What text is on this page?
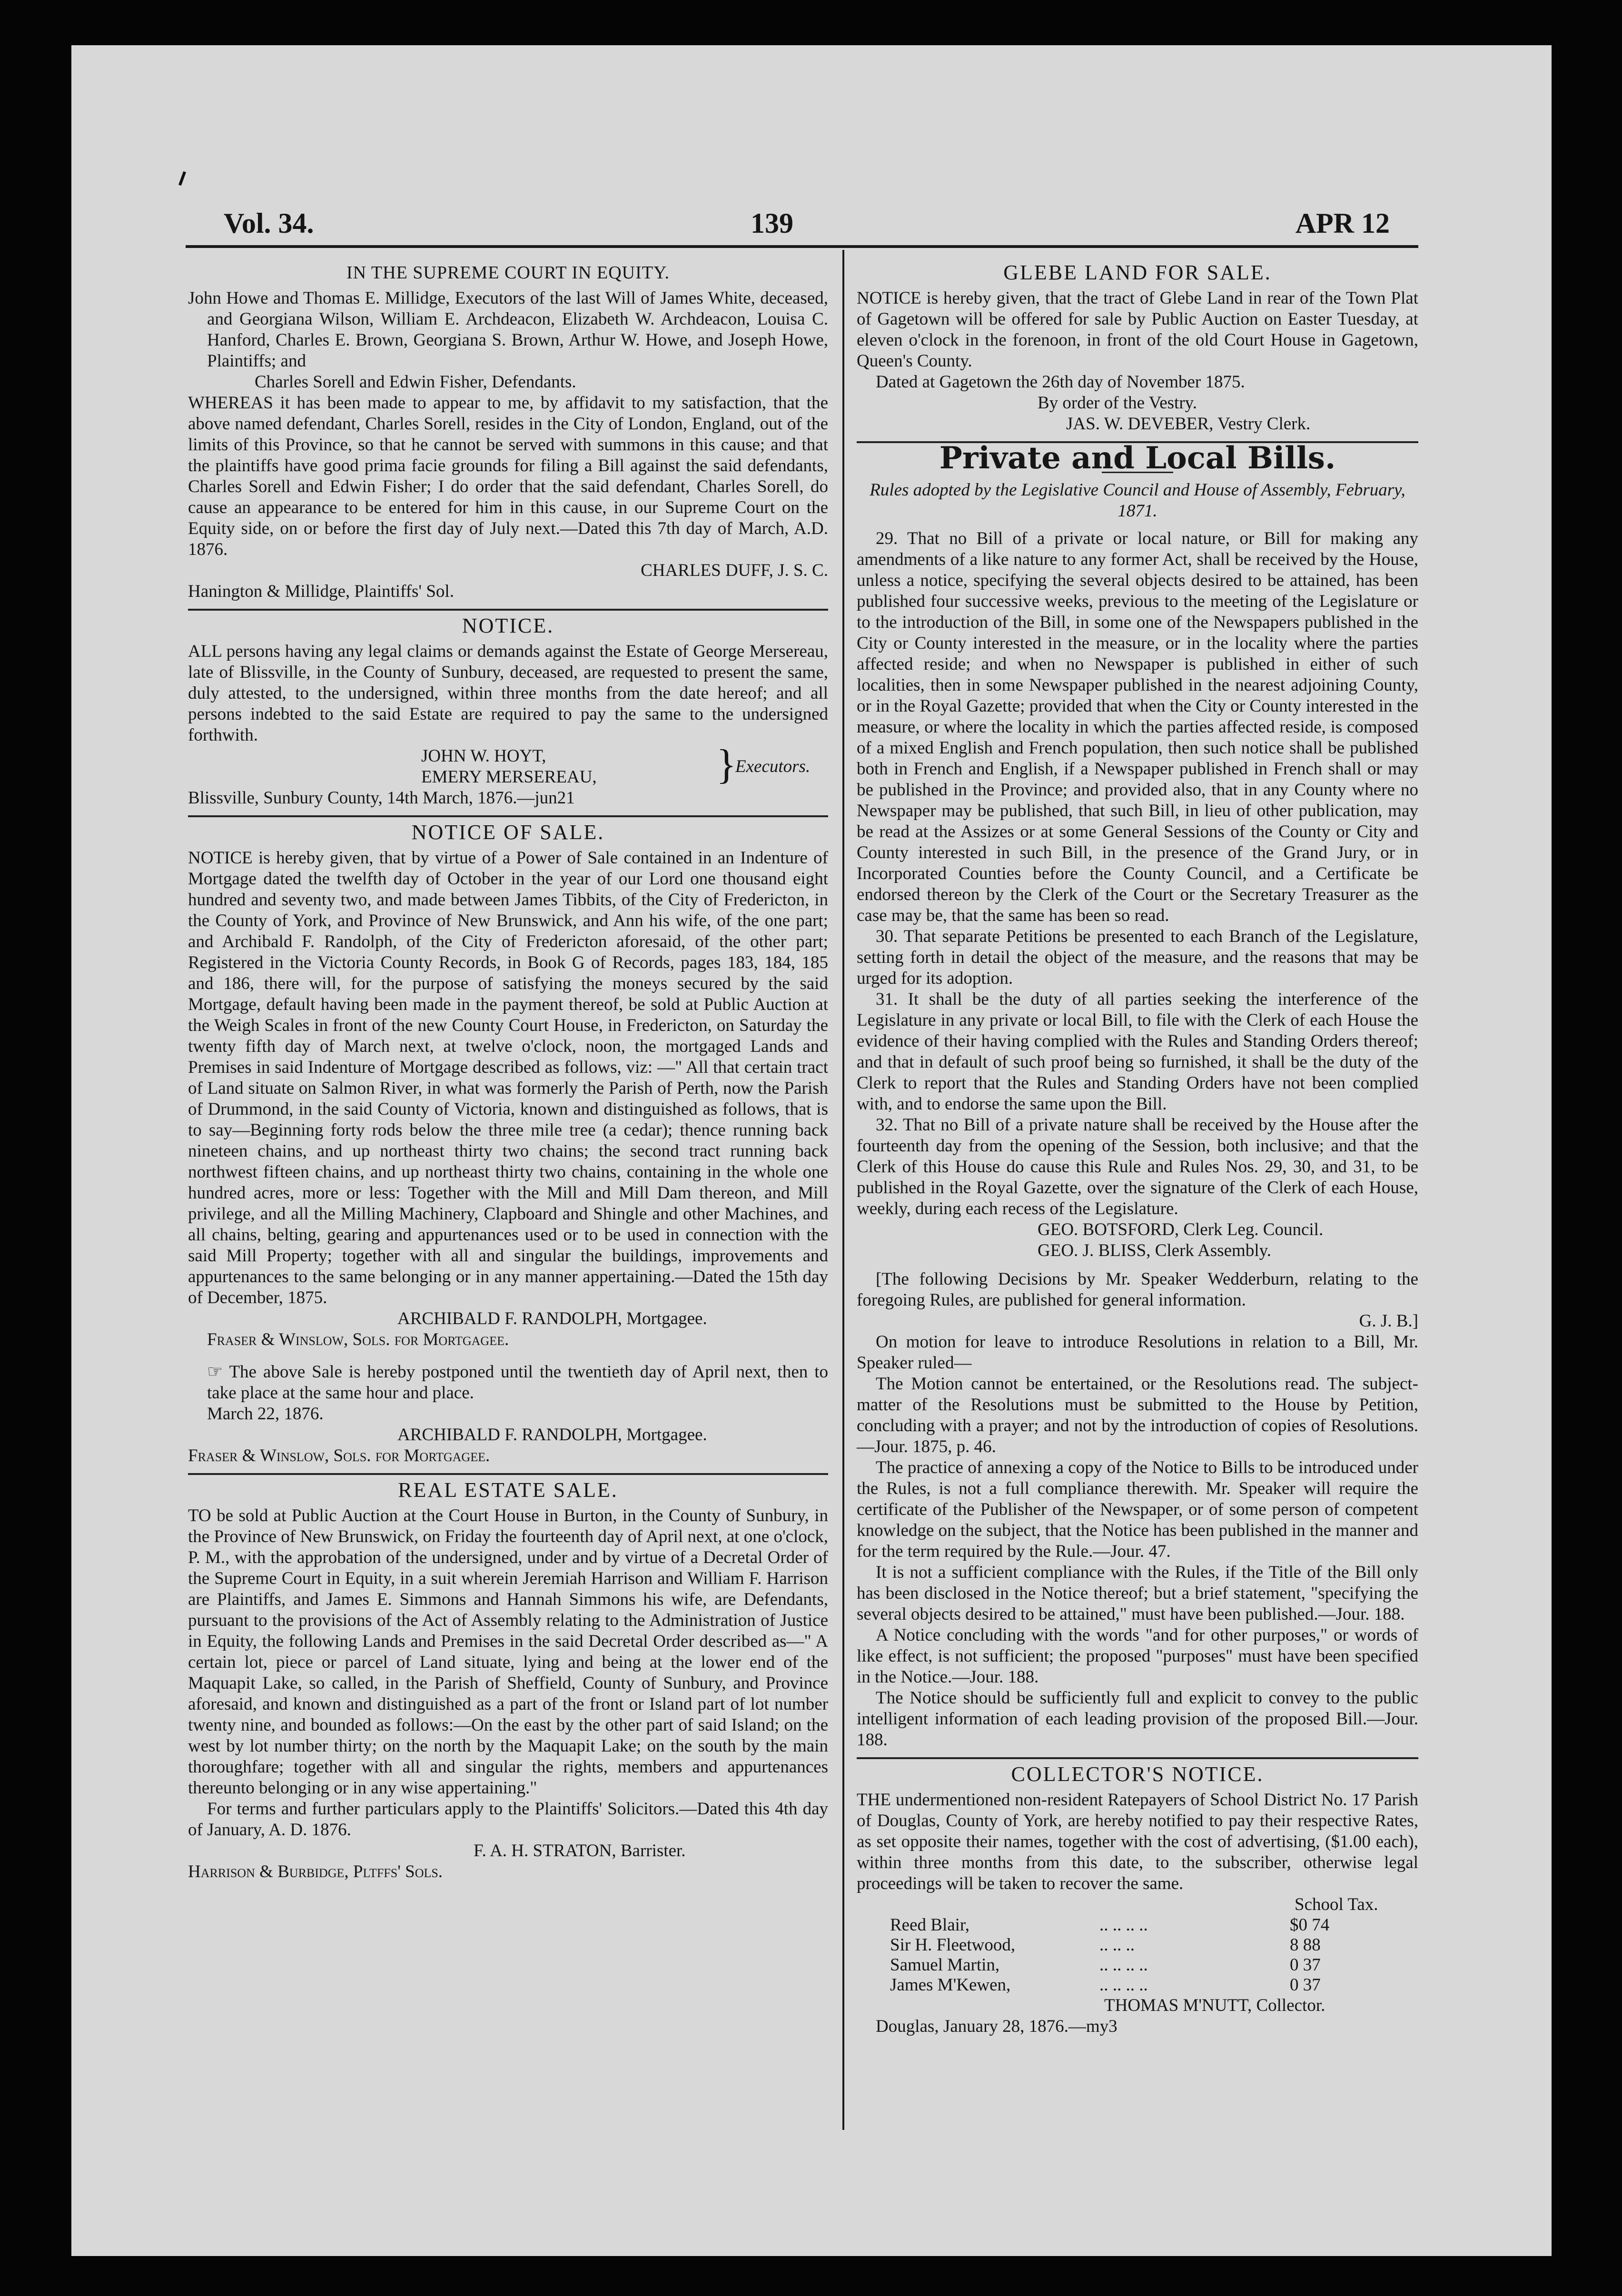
Vol. 34.	139	APR 12
IN THE SUPREME COURT IN EQUITY.

John Howe and Thomas E. Millidge, Executors of the last Will of James White, deceased, and Georgiana Wilson, William E. Archdeacon, Elizabeth W. Archdeacon, Louisa C. Hanford, Charles E. Brown, Georgiana S. Brown, Arthur W. Howe, and Joseph Howe, Plaintiffs; and

Charles Sorell and Edwin Fisher, Defendants.

WHEREAS it has been made to appear to me, by affidavit to my satisfaction, that the above named defendant, Charles Sorell, resides in the City of London, England, out of the limits of this Province, so that he cannot be served with summons in this cause; and that the plaintiffs have good prima facie grounds for filing a Bill against the said defendants, Charles Sorell and Edwin Fisher; I do order that the said defendant, Charles Sorell, do cause an appearance to be entered for him in this cause, in our Supreme Court on the Equity side, on or before the first day of July next.—Dated this 7th day of March, A.D. 1876.

CHARLES DUFF, J. S. C.

Hanington & Millidge, Plaintiffs' Sol.

NOTICE.

ALL persons having any legal claims or demands against the Estate of George Mersereau, late of Blissville, in the County of Sunbury, deceased, are requested to present the same, duly attested, to the undersigned, within three months from the date hereof; and all persons indebted to the said Estate are required to pay the same to the undersigned forthwith.

JOHN W. HOYT,
EMERY MERSEREAU,	}
Executors.

Blissville, Sunbury County, 14th March, 1876.—jun21

NOTICE OF SALE.

NOTICE is hereby given, that by virtue of a Power of Sale contained in an Indenture of Mortgage dated the twelfth day of October in the year of our Lord one thousand eight hundred and seventy two, and made between James Tibbits, of the City of Fredericton, in the County of York, and Province of New Brunswick, and Ann his wife, of the one part; and Archibald F. Randolph, of the City of Fredericton aforesaid, of the other part; Registered in the Victoria County Records, in Book G of Records, pages 183, 184, 185 and 186, there will, for the purpose of satisfying the moneys secured by the said Mortgage, default having been made in the payment thereof, be sold at Public Auction at the Weigh Scales in front of the new County Court House, in Fredericton, on Saturday the twenty fifth day of March next, at twelve o'clock, noon, the mortgaged Lands and Premises in said Indenture of Mortgage described as follows, viz: —" All that certain tract of Land situate on Salmon River, in what was formerly the Parish of Perth, now the Parish of Drummond, in the said County of Victoria, known and distinguished as follows, that is to say—Beginning forty rods below the three mile tree (a cedar); thence running back nineteen chains, and up northeast thirty two chains; the second tract running back northwest fifteen chains, and up northeast thirty two chains, containing in the whole one hundred acres, more or less: Together with the Mill and Mill Dam thereon, and Mill privilege, and all the Milling Machinery, Clapboard and Shingle and other Machines, and all chains, belting, gearing and appurtenances used or to be used in connection with the said Mill Property; together with all and singular the buildings, improvements and appurtenances to the same belonging or in any manner appertaining.—Dated the 15th day of December, 1875.

ARCHIBALD F. RANDOLPH, Mortgagee.

Fraser & Winslow, Sols. for Mortgagee.

☞ The above Sale is hereby postponed until the twentieth day of April next, then to take place at the same hour and place.

March 22, 1876.

ARCHIBALD F. RANDOLPH, Mortgagee.

Fraser & Winslow, Sols. for Mortgagee.

REAL ESTATE SALE.

TO be sold at Public Auction at the Court House in Burton, in the County of Sunbury, in the Province of New Brunswick, on Friday the fourteenth day of April next, at one o'clock, P. M., with the approbation of the undersigned, under and by virtue of a Decretal Order of the Supreme Court in Equity, in a suit wherein Jeremiah Harrison and William F. Harrison are Plaintiffs, and James E. Simmons and Hannah Simmons his wife, are Defendants, pursuant to the provisions of the Act of Assembly relating to the Administration of Justice in Equity, the following Lands and Premises in the said Decretal Order described as—" A certain lot, piece or parcel of Land situate, lying and being at the lower end of the Maquapit Lake, so called, in the Parish of Sheffield, County of Sunbury, and Province aforesaid, and known and distinguished as a part of the front or Island part of lot number twenty nine, and bounded as follows:—On the east by the other part of said Island; on the west by lot number thirty; on the north by the Maquapit Lake; on the south by the main thoroughfare; together with all and singular the rights, members and appurtenances thereunto belonging or in any wise appertaining."

For terms and further particulars apply to the Plaintiffs' Solicitors.—Dated this 4th day of January, A. D. 1876.

F. A. H. STRATON, Barrister.

Harrison & Burbidge, Pltffs' Sols.

GLEBE LAND FOR SALE.

NOTICE is hereby given, that the tract of Glebe Land in rear of the Town Plat of Gagetown will be offered for sale by Public Auction on Easter Tuesday, at eleven o'clock in the forenoon, in front of the old Court House in Gagetown, Queen's County.

Dated at Gagetown the 26th day of November 1875.

By order of the Vestry.

JAS. W. DEVEBER, Vestry Clerk.

Private and Local Bills.

Rules adopted by the Legislative Council and House of Assembly, February, 1871.

29. That no Bill of a private or local nature, or Bill for making any amendments of a like nature to any former Act, shall be received by the House, unless a notice, specifying the several objects desired to be attained, has been published four successive weeks, previous to the meeting of the Legislature or to the introduction of the Bill, in some one of the Newspapers published in the City or County interested in the measure, or in the locality where the parties affected reside; and when no Newspaper is published in either of such localities, then in some Newspaper published in the nearest adjoining County, or in the Royal Gazette; provided that when the City or County interested in the measure, or where the locality in which the parties affected reside, is composed of a mixed English and French population, then such notice shall be published both in French and English, if a Newspaper published in French shall or may be published in the Province; and provided also, that in any County where no Newspaper may be published, that such Bill, in lieu of other publication, may be read at the Assizes or at some General Sessions of the County or City and County interested in such Bill, in the presence of the Grand Jury, or in Incorporated Counties before the County Council, and a Certificate be endorsed thereon by the Clerk of the Court or the Secretary Treasurer as the case may be, that the same has been so read.

30. That separate Petitions be presented to each Branch of the Legislature, setting forth in detail the object of the measure, and the reasons that may be urged for its adoption.

31. It shall be the duty of all parties seeking the interference of the Legislature in any private or local Bill, to file with the Clerk of each House the evidence of their having complied with the Rules and Standing Orders thereof; and that in default of such proof being so furnished, it shall be the duty of the Clerk to report that the Rules and Standing Orders have not been complied with, and to endorse the same upon the Bill.

32. That no Bill of a private nature shall be received by the House after the fourteenth day from the opening of the Session, both inclusive; and that the Clerk of this House do cause this Rule and Rules Nos. 29, 30, and 31, to be published in the Royal Gazette, over the signature of the Clerk of each House, weekly, during each recess of the Legislature.

GEO. BOTSFORD, Clerk Leg. Council.

GEO. J. BLISS, Clerk Assembly.

[The following Decisions by Mr. Speaker Wedderburn, relating to the foregoing Rules, are published for general information.

G. J. B.]

On motion for leave to introduce Resolutions in relation to a Bill, Mr. Speaker ruled—

The Motion cannot be entertained, or the Resolutions read. The subject-matter of the Resolutions must be submitted to the House by Petition, concluding with a prayer; and not by the introduction of copies of Resolutions.—Jour. 1875, p. 46.

The practice of annexing a copy of the Notice to Bills to be introduced under the Rules, is not a full compliance therewith. Mr. Speaker will require the certificate of the Publisher of the Newspaper, or of some person of competent knowledge on the subject, that the Notice has been published in the manner and for the term required by the Rule.—Jour. 47.

It is not a sufficient compliance with the Rules, if the Title of the Bill only has been disclosed in the Notice thereof; but a brief statement, "specifying the several objects desired to be attained," must have been published.—Jour. 188.

A Notice concluding with the words "and for other purposes," or words of like effect, is not sufficient; the proposed "purposes" must have been specified in the Notice.—Jour. 188.

The Notice should be sufficiently full and explicit to convey to the public intelligent information of each leading provision of the proposed Bill.—Jour. 188.

COLLECTOR'S NOTICE.

THE undermentioned non-resident Ratepayers of School District No. 17 Parish of Douglas, County of York, are hereby notified to pay their respective Rates, as set opposite their names, together with the cost of advertising, ($1.00 each), within three months from this date, to the subscriber, otherwise legal proceedings will be taken to recover the same.

School Tax.

Reed Blair,	.. .. .. ..	$0 74
Sir H. Fleetwood,	.. .. ..	8 88
Samuel Martin,	.. .. .. ..	0 37
James M'Kewen,	.. .. .. ..	0 37

THOMAS M'NUTT, Collector.

Douglas, January 28, 1876.—my3
